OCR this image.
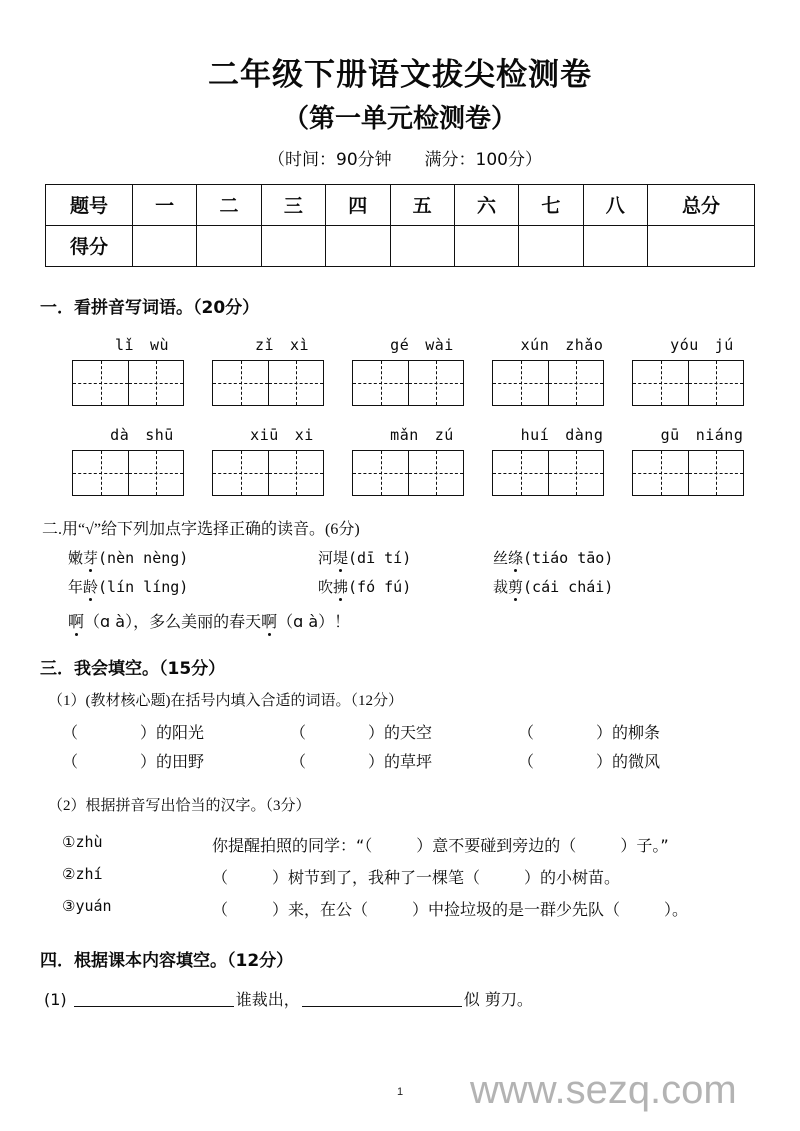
二年级下册语文拔尖检测卷
（第一单元检测卷）
（时间：90分钟 满分：100分）
题号	一	二	三	四	五	六	七	八	总分
得分									
一．看拼音写词语。（20分）
lǐ wù	zǐ xì	gé wài	xún zhǎo	yóu jú
dà shū	xiū xi	mǎn zú	huí dàng	gū niáng
二.用“√”给下列加点字选择正确的读音。(6分)
嫩芽(nèn nèng)	河堤(dī tí)	丝绦(tiáo tāo)
年龄(lín líng)	吹拂(fó fú)	裁剪(cái chái)
啊（ɑ à），多么美丽的春天啊（ɑ à）！
三．我会填空。（15分）
（1）(教材核心题)在括号内填入合适的词语。（12分）
（	）的阳光	（	）的天空	（	）的柳条
（	）的田野	（	）的草坪	（	）的微风
（2）根据拼音写出恰当的汉字。（3分）
①zhù	你提醒拍照的同学：“（	）意不要碰到旁边的（	）子。”
②zhí	（	）树节到了，我种了一棵笔（	）的小树苗。
③yuán	（	）来，在公（	）中捡垃圾的是一群少先队（	）。
四．根据课本内容填空。（12分）
(1)	谁裁出，	似 剪刀。
1	www.sezq.com
